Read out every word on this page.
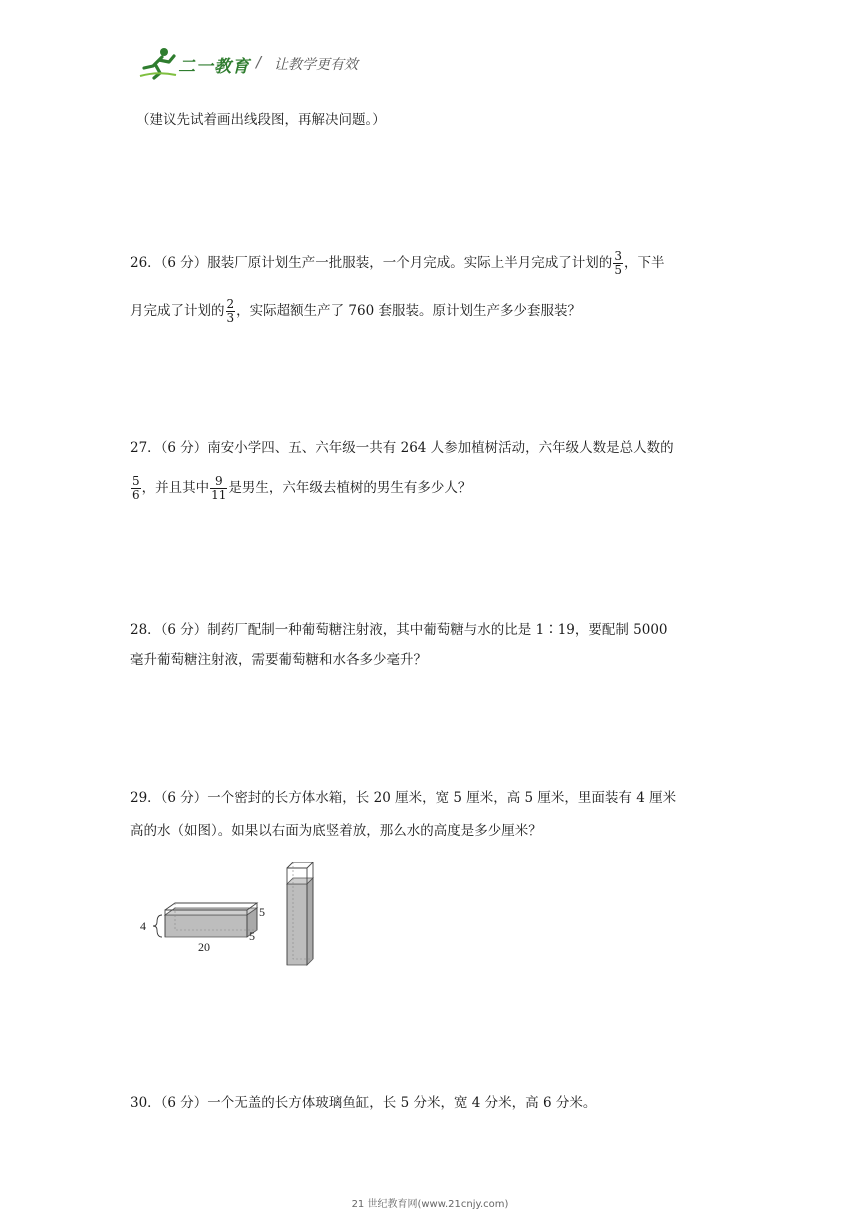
二一教育 / 让教学更有效
（建议先试着画出线段图，再解决问题。）
26．（6 分）服装厂原计划生产一批服装，一个月完成。实际上半月完成了计划的 $\frac{3}{5}$ ，下半
月完成了计划的 $\frac{2}{3}$ ，实际超额生产了 760 套服装。原计划生产多少套服装？
27．（6 分）南安小学四、五、六年级一共有 264 人参加植树活动，六年级人数是总人数的
$\frac{5}{6}$ ，并且其中 $\frac{9}{11}$ 是男生，六年级去植树的男生有多少人？
28．（6 分）制药厂配制一种葡萄糖注射液，其中葡萄糖与水的比是 1∶19，要配制 5000
毫升葡萄糖注射液，需要葡萄糖和水各多少毫升？
29．（6 分）一个密封的长方体水箱，长 20 厘米，宽 5 厘米，高 5 厘米，里面装有 4 厘米
高的水（如图）。如果以右面为底竖着放，那么水的高度是多少厘米？
4
5
5
20
30．（6 分）一个无盖的长方体玻璃鱼缸，长 5 分米，宽 4 分米，高 6 分米。
21 世纪教育网(www.21cnjy.com)
